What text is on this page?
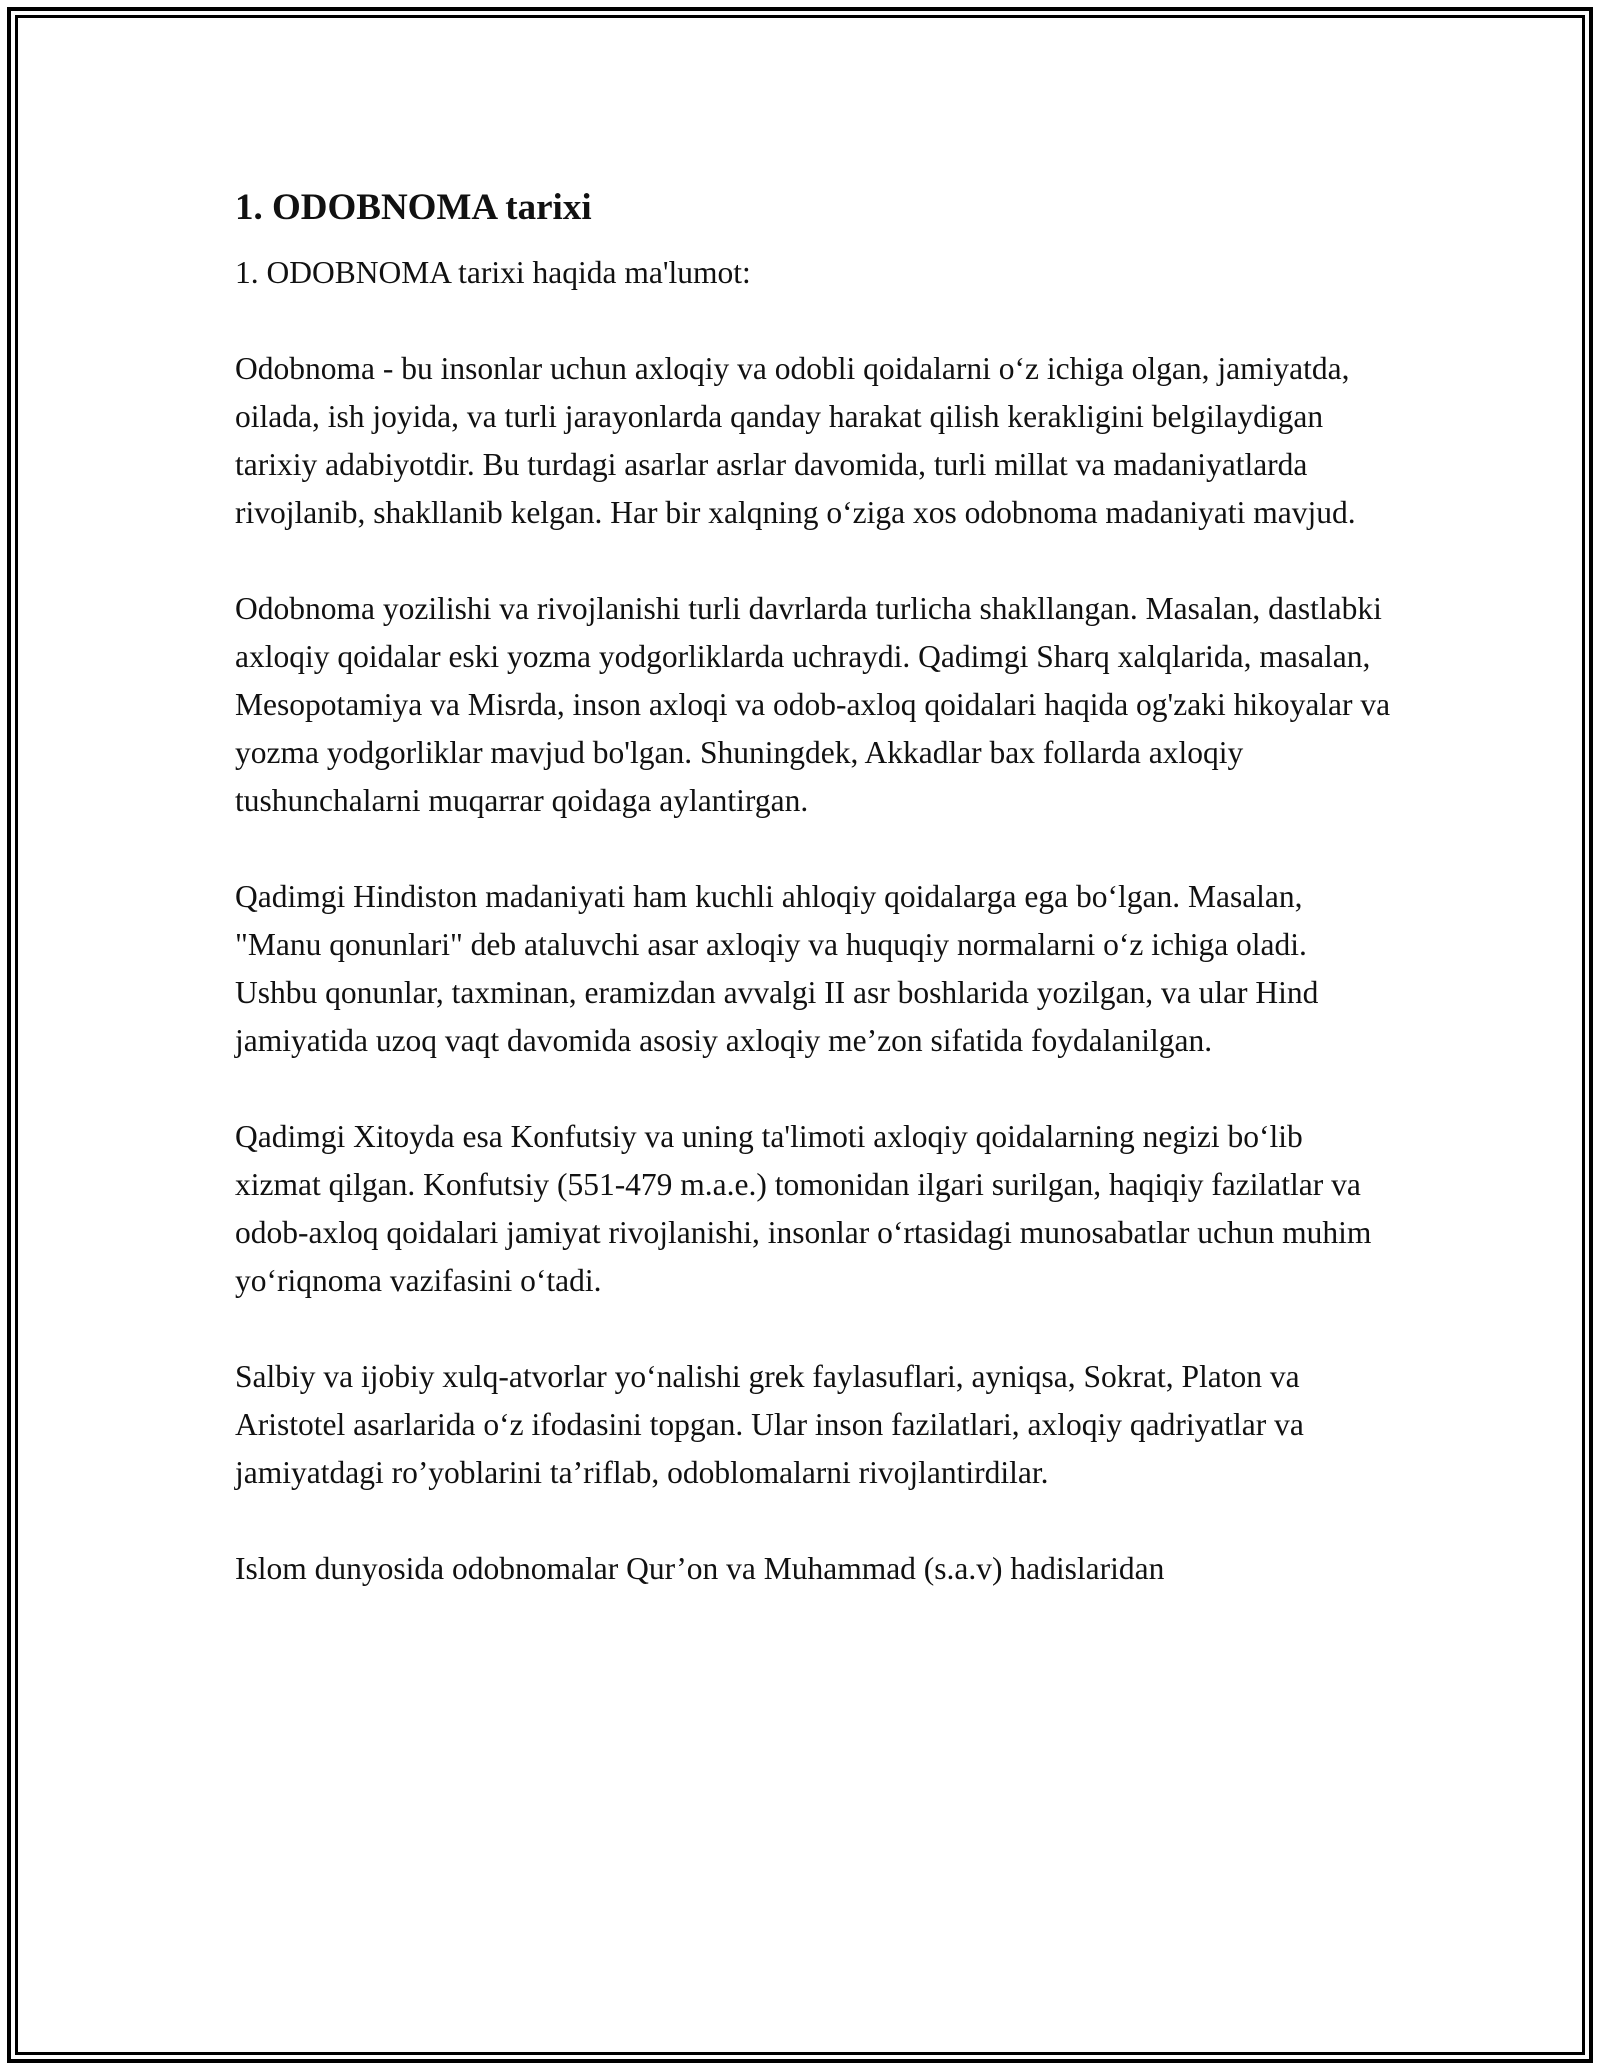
1. ODOBNOMA tarixi

1. ODOBNOMA tarixi haqida ma'lumot:

Odobnoma - bu insonlar uchun axloqiy va odobli qoidalarni o‘z ichiga olgan, jamiyatda, oilada, ish joyida, va turli jarayonlarda qanday harakat qilish kerakligini belgilaydigan tarixiy adabiyotdir. Bu turdagi asarlar asrlar davomida, turli millat va madaniyatlarda rivojlanib, shakllanib kelgan. Har bir xalqning o‘ziga xos odobnoma madaniyati mavjud.

Odobnoma yozilishi va rivojlanishi turli davrlarda turlicha shakllangan. Masalan, dastlabki axloqiy qoidalar eski yozma yodgorliklarda uchraydi. Qadimgi Sharq xalqlarida, masalan, Mesopotamiya va Misrda, inson axloqi va odob-axloq qoidalari haqida og'zaki hikoyalar va yozma yodgorliklar mavjud bo'lgan. Shuningdek, Akkadlar bax follarda axloqiy tushunchalarni muqarrar qoidaga aylantirgan.

Qadimgi Hindiston madaniyati ham kuchli ahloqiy qoidalarga ega bo‘lgan. Masalan, "Manu qonunlari" deb ataluvchi asar axloqiy va huquqiy normalarni o‘z ichiga oladi. Ushbu qonunlar, taxminan, eramizdan avvalgi II asr boshlarida yozilgan, va ular Hind jamiyatida uzoq vaqt davomida asosiy axloqiy me’zon sifatida foydalanilgan.

Qadimgi Xitoyda esa Konfutsiy va uning ta'limoti axloqiy qoidalarning negizi bo‘lib xizmat qilgan. Konfutsiy (551-479 m.a.e.) tomonidan ilgari surilgan, haqiqiy fazilatlar va odob-axloq qoidalari jamiyat rivojlanishi, insonlar o‘rtasidagi munosabatlar uchun muhim yo‘riqnoma vazifasini o‘tadi.

Salbiy va ijobiy xulq-atvorlar yo‘nalishi grek faylasuflari, ayniqsa, Sokrat, Platon va Aristotel asarlarida o‘z ifodasini topgan. Ular inson fazilatlari, axloqiy qadriyatlar va jamiyatdagi ro’yoblarini ta’riflab, odoblomalarni rivojlantirdilar.

Islom dunyosida odobnomalar Qur’on va Muhammad (s.a.v) hadislaridan
